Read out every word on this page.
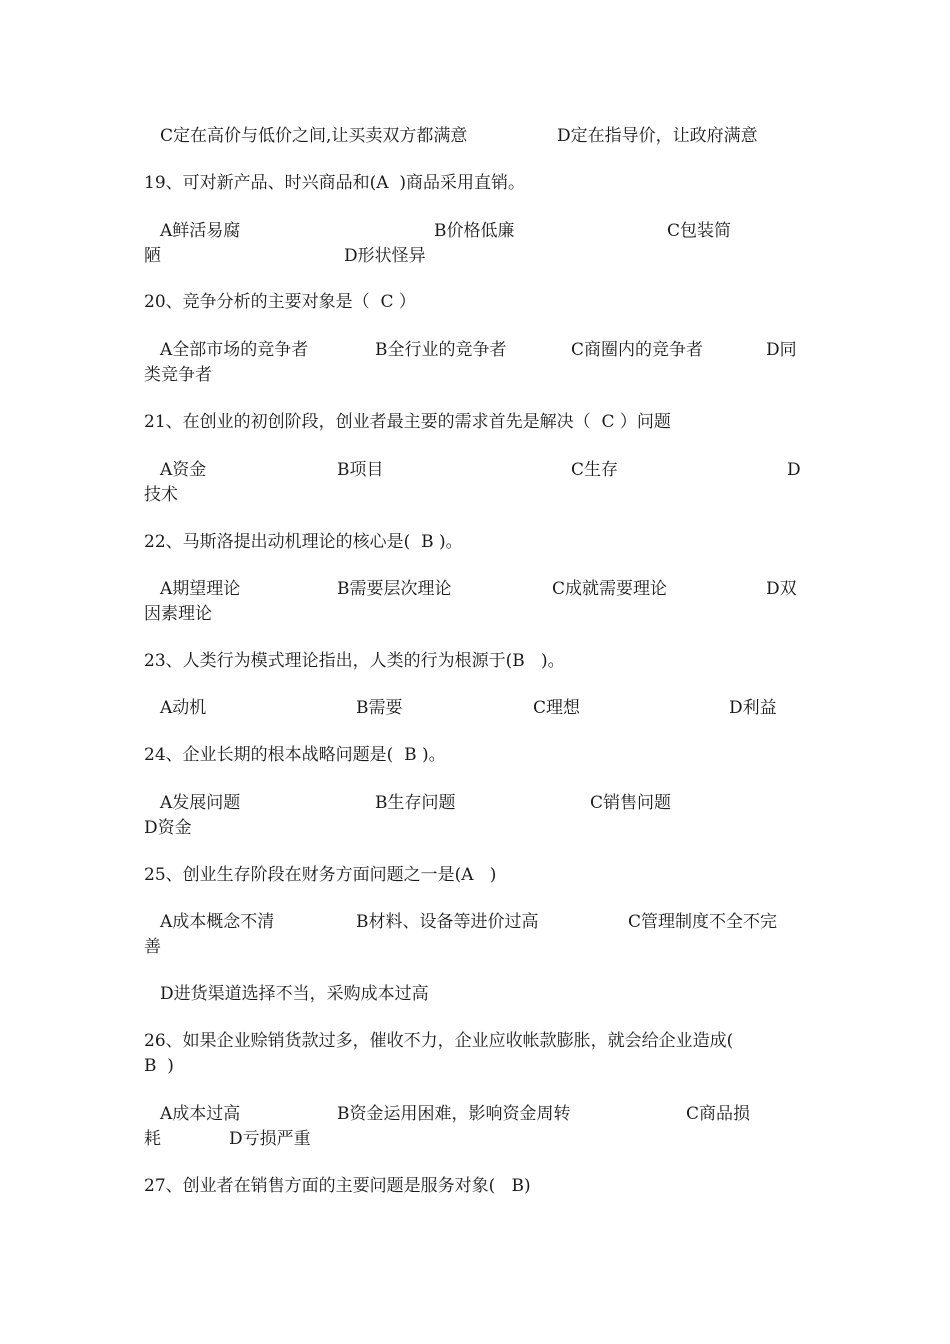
C定在高价与低价之间,让买卖双方都满意	D定在指导价，让政府满意
19、可对新产品、时兴商品和(A  )商品采用直销。
A鲜活易腐	B价格低廉	C包装简
陋	D形状怪异
20、竞争分析的主要对象是（  C ）
A全部市场的竞争者	B全行业的竞争者	C商圈内的竞争者	D同
类竞争者
21、在创业的初创阶段，创业者最主要的需求首先是解决（  C ）问题
A资金	B项目	C生存	D
技术
22、马斯洛提出动机理论的核心是(  B )。
A期望理论	B需要层次理论	C成就需要理论	D双
因素理论
23、人类行为模式理论指出，人类的行为根源于(B   )。
A动机	B需要	C理想	D利益
24、企业长期的根本战略问题是(  B )。
A发展问题	B生存问题	C销售问题
D资金
25、创业生存阶段在财务方面问题之一是(A   )
A成本概念不清	B材料、设备等进价过高	C管理制度不全不完
善
D进货渠道选择不当，采购成本过高
26、如果企业赊销货款过多，催收不力，企业应收帐款膨胀，就会给企业造成(
B  )
A成本过高	B资金运用困难，影响资金周转	C商品损
耗	D亏损严重
27、创业者在销售方面的主要问题是服务对象(   B)
